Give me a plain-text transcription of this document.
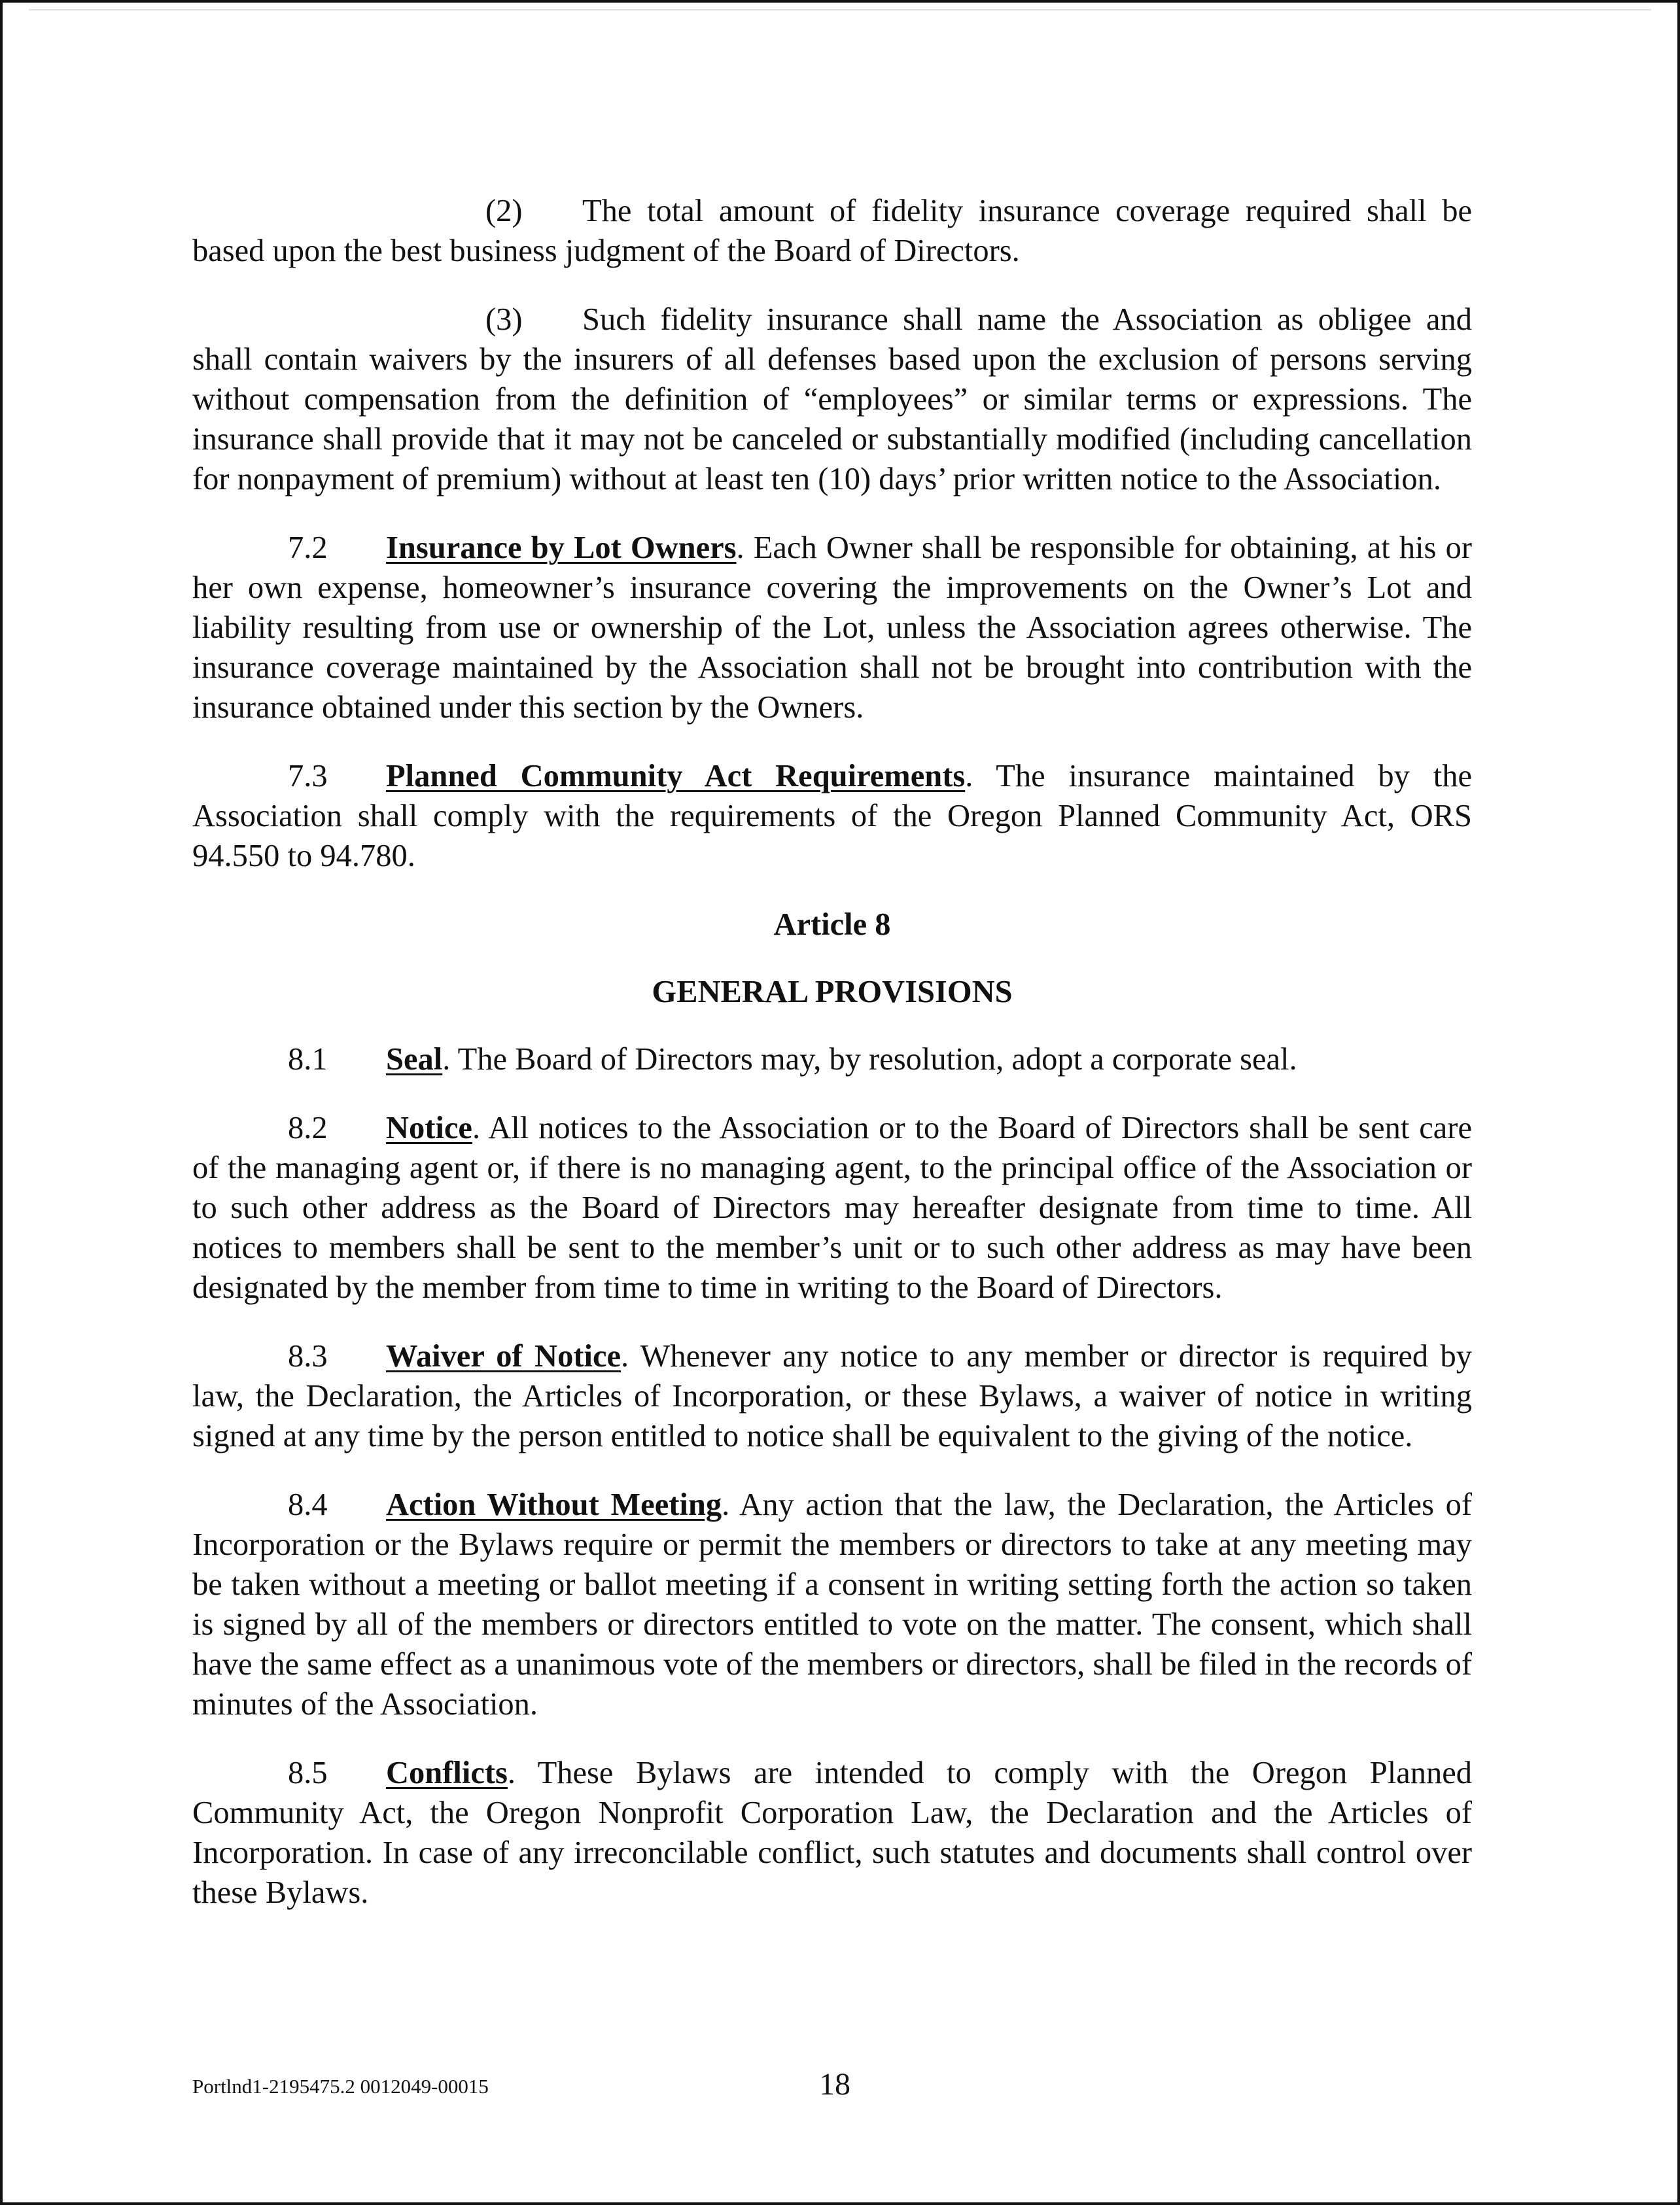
(2) The total amount of fidelity insurance coverage required shall be based upon the best business judgment of the Board of Directors.

(3) Such fidelity insurance shall name the Association as obligee and shall contain waivers by the insurers of all defenses based upon the exclusion of persons serving without compensation from the definition of “employees” or similar terms or expressions. The insurance shall provide that it may not be canceled or substantially modified (including cancellation for nonpayment of premium) without at least ten (10) days’ prior written notice to the Association.

7.2 Insurance by Lot Owners. Each Owner shall be responsible for obtaining, at his or her own expense, homeowner’s insurance covering the improvements on the Owner’s Lot and liability resulting from use or ownership of the Lot, unless the Association agrees otherwise. The insurance coverage maintained by the Association shall not be brought into contribution with the insurance obtained under this section by the Owners.

7.3 Planned Community Act Requirements. The insurance maintained by the Association shall comply with the requirements of the Oregon Planned Community Act, ORS 94.550 to 94.780.

Article 8

GENERAL PROVISIONS

8.1 Seal. The Board of Directors may, by resolution, adopt a corporate seal.

8.2 Notice. All notices to the Association or to the Board of Directors shall be sent care of the managing agent or, if there is no managing agent, to the principal office of the Association or to such other address as the Board of Directors may hereafter designate from time to time. All notices to members shall be sent to the member’s unit or to such other address as may have been designated by the member from time to time in writing to the Board of Directors.

8.3 Waiver of Notice. Whenever any notice to any member or director is required by law, the Declaration, the Articles of Incorporation, or these Bylaws, a waiver of notice in writing signed at any time by the person entitled to notice shall be equivalent to the giving of the notice.

8.4 Action Without Meeting. Any action that the law, the Declaration, the Articles of Incorporation or the Bylaws require or permit the members or directors to take at any meeting may be taken without a meeting or ballot meeting if a consent in writing setting forth the action so taken is signed by all of the members or directors entitled to vote on the matter. The consent, which shall have the same effect as a unanimous vote of the members or directors, shall be filed in the records of minutes of the Association.

8.5 Conflicts. These Bylaws are intended to comply with the Oregon Planned Community Act, the Oregon Nonprofit Corporation Law, the Declaration and the Articles of Incorporation. In case of any irreconcilable conflict, such statutes and documents shall control over these Bylaws.

Portlnd1-2195475.2 0012049-00015	18
